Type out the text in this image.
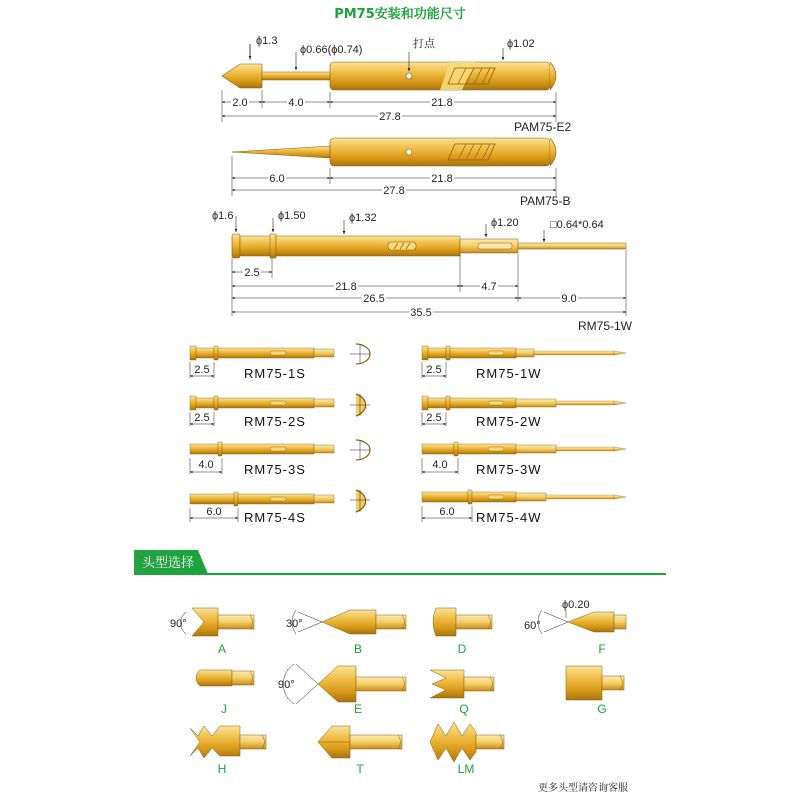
PM75安装和功能尺寸
ϕ1.3
ϕ0.66(ϕ0.74)	打点	ϕ1.02
2.0	4.0	21.8
27.8
PAM75-E2
6.0	21.8
27.8
PAM75-B
ϕ1.6	ϕ1.50	ϕ1.32	ϕ1.20	□0.64*0.64
2.5
21.8	4.7
26.5	9.0
35.5
RM75-1W
2.5	RM75-1S
2.5	RM75-2S
4.0 RM75-3S
6.0 RM75-4S
2.5	RM75-1W
2.5	RM75-2W
4.0 RM75-3W
6.0 RM75-4W
头型选择
90°
A
30°
B	D
60°
ϕ0.20
F
J
90°
E	Q	G
H	T	LM
更多头型请咨询客服
